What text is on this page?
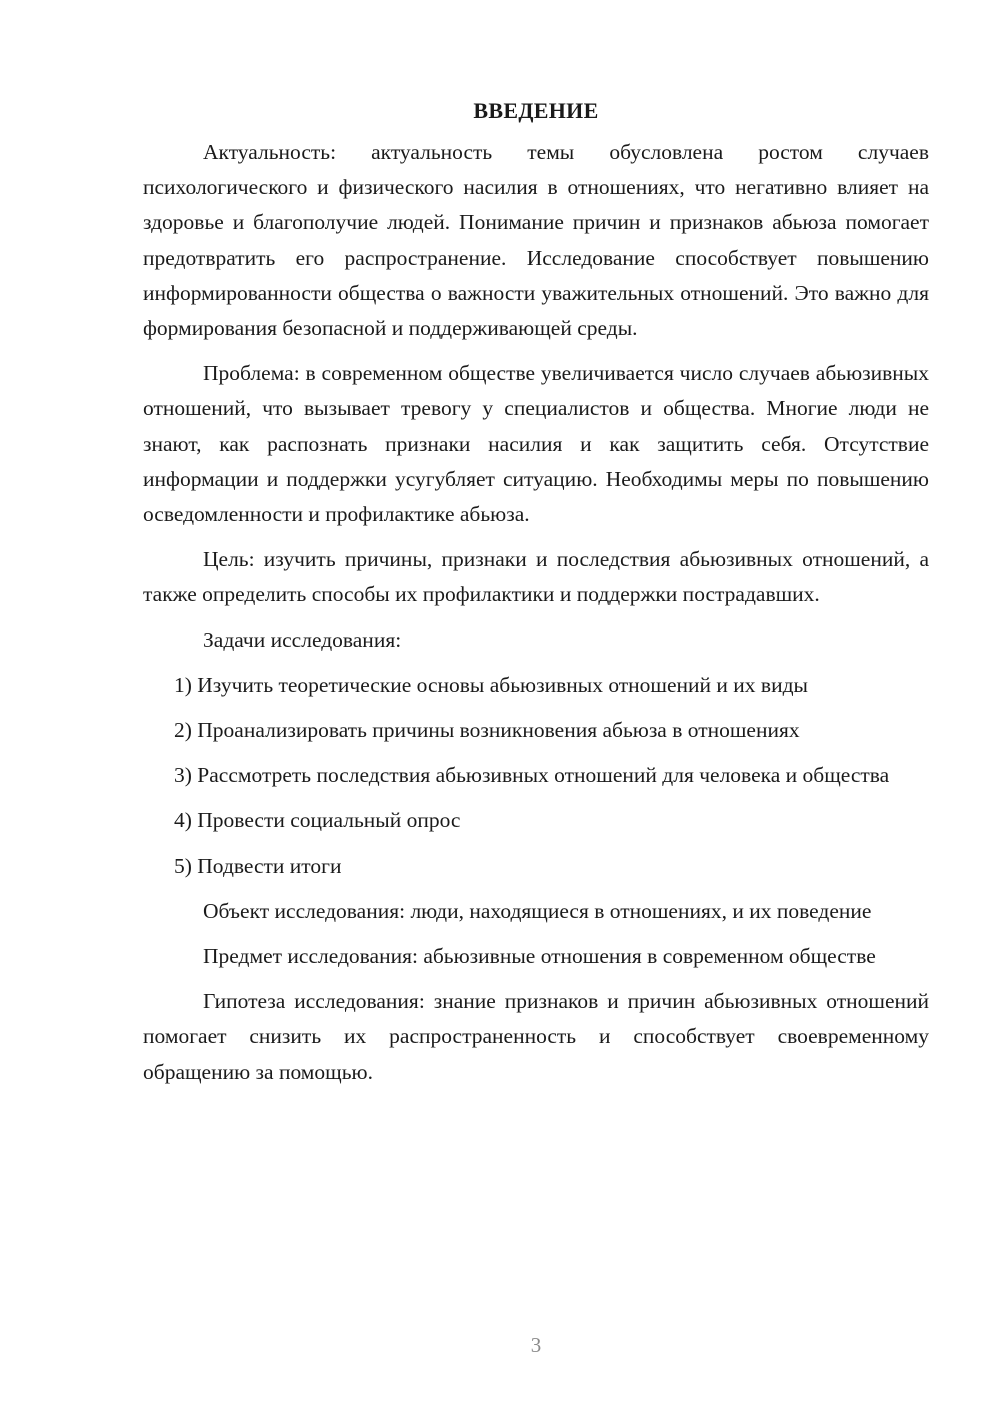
ВВЕДЕНИЕ

Актуальность: актуальность темы обусловлена ростом случаев психологического и физического насилия в отношениях, что негативно влияет на здоровье и благополучие людей. Понимание причин и признаков абьюза помогает предотвратить его распространение. Исследование способствует повышению информированности общества о важности уважительных отношений. Это важно для формирования безопасной и поддерживающей среды.

Проблема: в современном обществе увеличивается число случаев абьюзивных отношений, что вызывает тревогу у специалистов и общества. Многие люди не знают, как распознать признаки насилия и как защитить себя. Отсутствие информации и поддержки усугубляет ситуацию. Необходимы меры по повышению осведомленности и профилактике абьюза.

Цель: изучить причины, признаки и последствия абьюзивных отношений, а также определить способы их профилактики и поддержки пострадавших.

Задачи исследования:

1) Изучить теоретические основы абьюзивных отношений и их виды

2) Проанализировать причины возникновения абьюза в отношениях

3) Рассмотреть последствия абьюзивных отношений для человека и общества

4) Провести социальный опрос

5) Подвести итоги

Объект исследования: люди, находящиеся в отношениях, и их поведение

Предмет исследования: абьюзивные отношения в современном обществе

Гипотеза исследования: знание признаков и причин абьюзивных отношений помогает снизить их распространенность и способствует своевременному обращению за помощью.

3
